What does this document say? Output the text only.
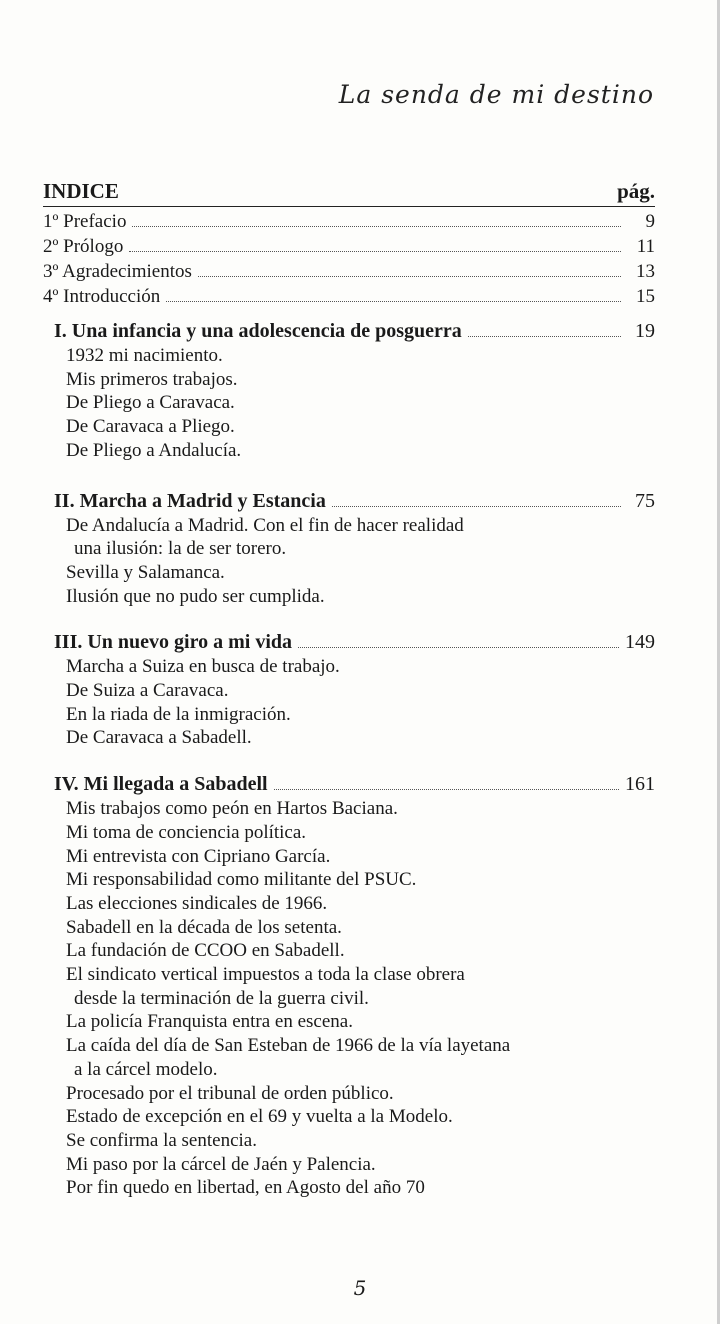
La senda de mi destino
INDICE	pág.
1º Prefacio	9
2º Prólogo	11
3º Agradecimientos	13
4º Introducción	15
I. Una infancia y una adolescencia de posguerra	19
1932 mi nacimiento.
Mis primeros trabajos.
De Pliego a Caravaca.
De Caravaca a Pliego.
De Pliego a Andalucía.
II. Marcha a Madrid y Estancia	75
De Andalucía a Madrid. Con el fin de hacer realidad
una ilusión: la de ser torero.
Sevilla y Salamanca.
Ilusión que no pudo ser cumplida.
III. Un nuevo giro a mi vida	149
Marcha a Suiza en busca de trabajo.
De Suiza a Caravaca.
En la riada de la inmigración.
De Caravaca a Sabadell.
IV. Mi llegada a Sabadell	161
Mis trabajos como peón en Hartos Baciana.
Mi toma de conciencia política.
Mi entrevista con Cipriano García.
Mi responsabilidad como militante del PSUC.
Las elecciones sindicales de 1966.
Sabadell en la década de los setenta.
La fundación de CCOO en Sabadell.
El sindicato vertical impuestos a toda la clase obrera
desde la terminación de la guerra civil.
La policía Franquista entra en escena.
La caída del día de San Esteban de 1966 de la vía layetana
a la cárcel modelo.
Procesado por el tribunal de orden público.
Estado de excepción en el 69 y vuelta a la Modelo.
Se confirma la sentencia.
Mi paso por la cárcel de Jaén y Palencia.
Por fin quedo en libertad, en Agosto del año 70
5
